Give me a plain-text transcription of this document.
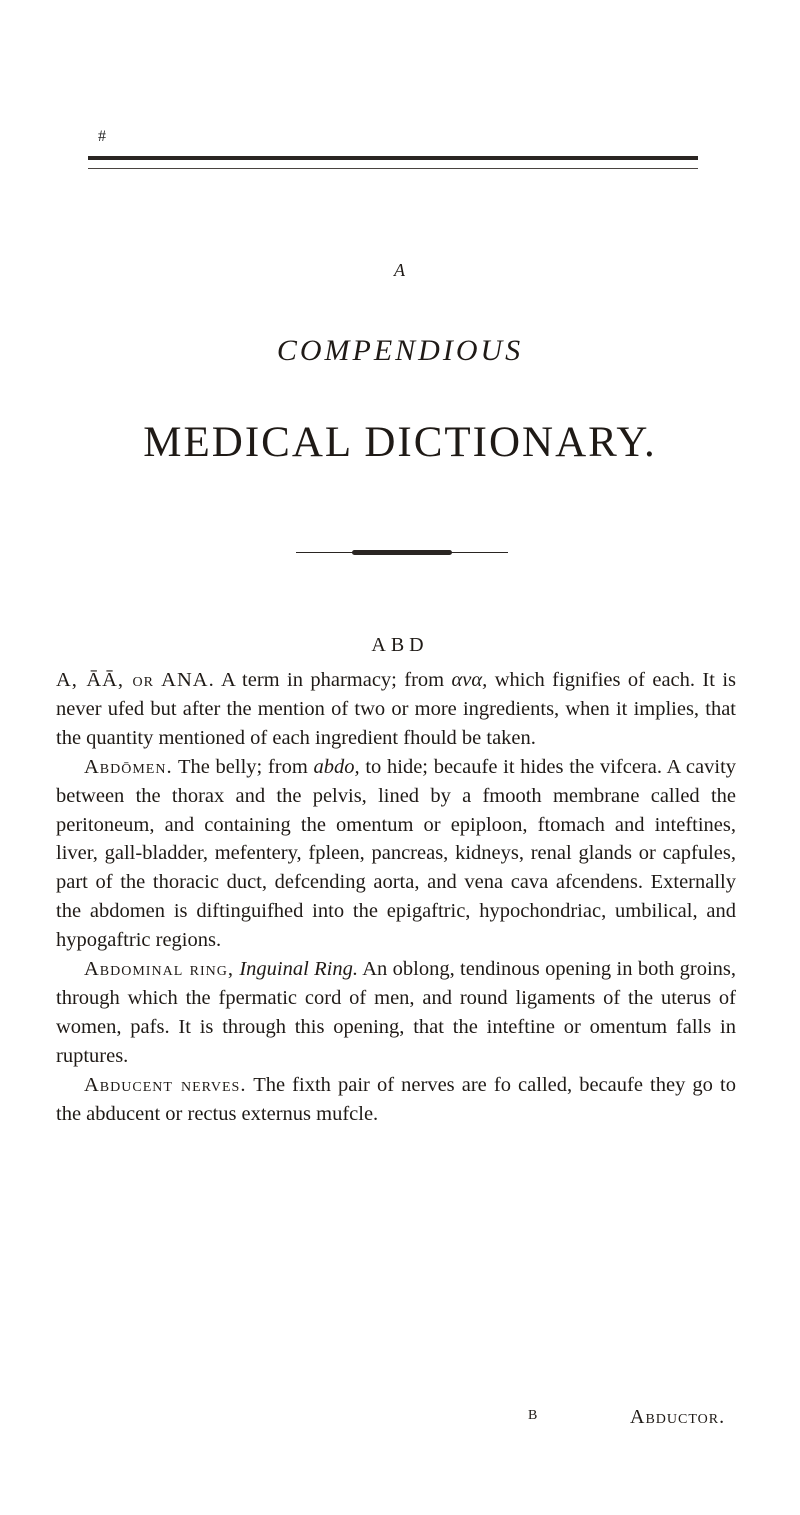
#
A
COMPENDIOUS
MEDICAL DICTIONARY.
ABD

A, ĀĀ, or ANA. A term in pharmacy; from ανα, which fignifies of each. It is never ufed but after the mention of two or more ingredients, when it implies, that the quantity mentioned of each ingredient fhould be taken.

Abdōmen. The belly; from abdo, to hide; becaufe it hides the vifcera. A cavity between the thorax and the pelvis, lined by a fmooth membrane called the peritoneum, and containing the omentum or epiploon, ftomach and inteftines, liver, gall-bladder, mefentery, fpleen, pancreas, kidneys, renal glands or capfules, part of the thoracic duct, defcending aorta, and vena cava afcendens. Externally the abdomen is diftinguifhed into the epigaftric, hypochondriac, umbilical, and hypogaftric regions.

Abdominal ring, Inguinal Ring. An oblong, tendinous opening in both groins, through which the fpermatic cord of men, and round ligaments of the uterus of women, pafs. It is through this opening, that the inteftine or omentum falls in ruptures.

Abducent nerves. The fixth pair of nerves are fo called, becaufe they go to the abducent or rectus externus mufcle.

B	Abductor.
